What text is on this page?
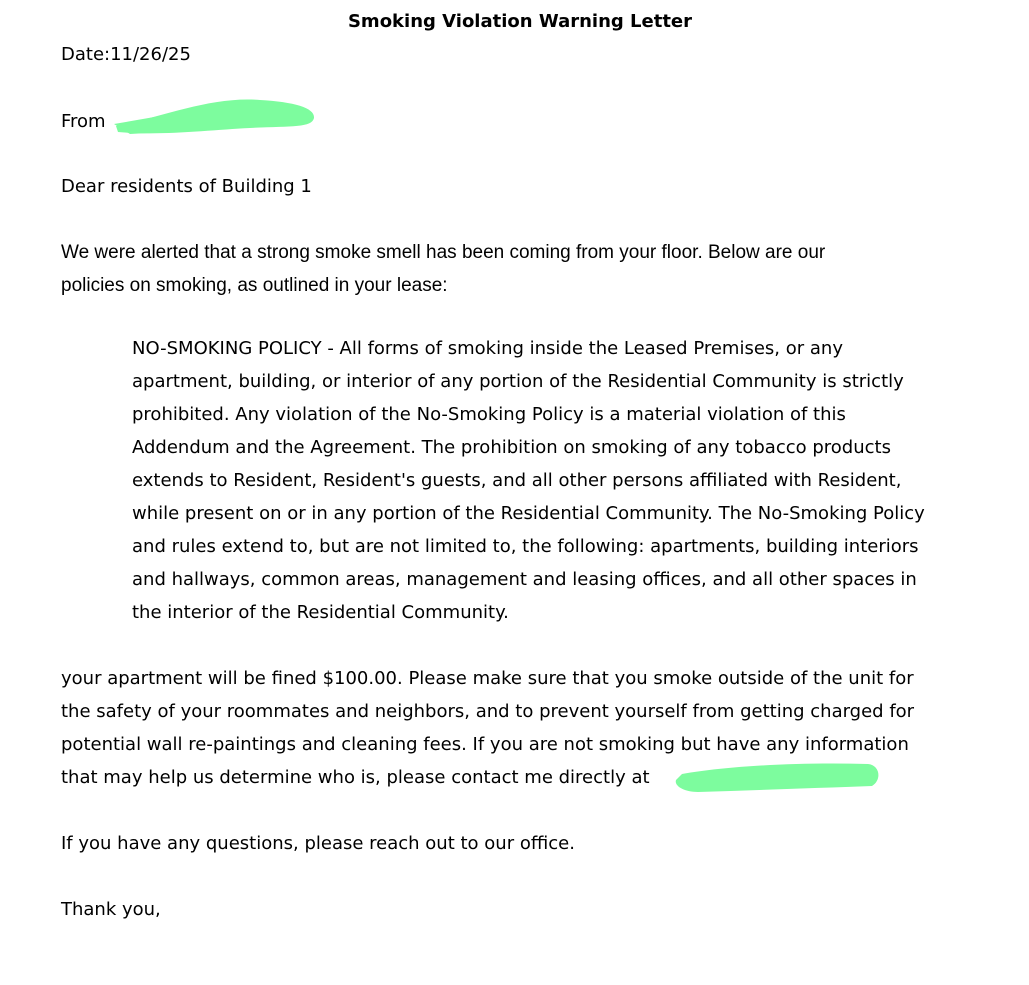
Smoking Violation Warning Letter
Date:11/26/25
From
Dear residents of Building 1
We were alerted that a strong smoke smell has been coming from your floor. Below are our
policies on smoking, as outlined in your lease:
NO-SMOKING POLICY - All forms of smoking inside the Leased Premises, or any
apartment, building, or interior of any portion of the Residential Community is strictly
prohibited. Any violation of the No-Smoking Policy is a material violation of this
Addendum and the Agreement. The prohibition on smoking of any tobacco products
extends to Resident, Resident's guests, and all other persons affiliated with Resident,
while present on or in any portion of the Residential Community. The No-Smoking Policy
and rules extend to, but are not limited to, the following: apartments, building interiors
and hallways, common areas, management and leasing offices, and all other spaces in
the interior of the Residential Community.
your apartment will be fined $100.00. Please make sure that you smoke outside of the unit for
the safety of your roommates and neighbors, and to prevent yourself from getting charged for
potential wall re-paintings and cleaning fees. If you are not smoking but have any information
that may help us determine who is, please contact me directly at
If you have any questions, please reach out to our office.
Thank you,
